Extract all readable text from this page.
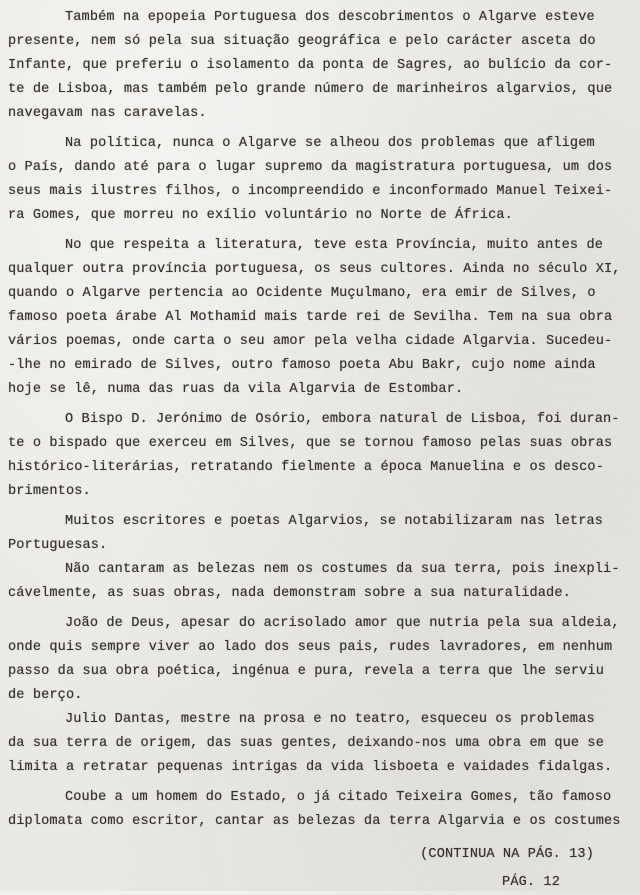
Também na epopeia Portuguesa dos descobrimentos o Algarve esteve
presente, nem só pela sua situação geográfica e pelo carácter asceta do
Infante, que preferiu o isolamento da ponta de Sagres, ao bulício da cor-
te de Lisboa, mas também pelo grande número de marinheiros algarvios, que
navegavam nas caravelas.
Na política, nunca o Algarve se alheou dos problemas que afligem
o País, dando até para o lugar supremo da magistratura portuguesa, um dos
seus mais ilustres filhos, o incompreendido e inconformado Manuel Teixei-
ra Gomes, que morreu no exílio voluntário no Norte de África.
No que respeita a literatura, teve esta Província, muito antes de
qualquer outra província portuguesa, os seus cultores. Ainda no século XI,
quando o Algarve pertencia ao Ocidente Muçulmano, era emir de Silves, o
famoso poeta árabe Al Mothamid mais tarde rei de Sevilha. Tem na sua obra
vários poemas, onde carta o seu amor pela velha cidade Algarvia. Sucedeu-
-lhe no emirado de Silves, outro famoso poeta Abu Bakr, cujo nome ainda
hoje se lê, numa das ruas da vila Algarvia de Estombar.
O Bispo D. Jerónimo de Osório, embora natural de Lisboa, foi duran-
te o bispado que exerceu em Silves, que se tornou famoso pelas suas obras
histórico-literárias, retratando fielmente a época Manuelina e os desco-
brimentos.
Muitos escritores e poetas Algarvios, se notabilizaram nas letras
Portuguesas.
Não cantaram as belezas nem os costumes da sua terra, pois inexpli-
cávelmente, as suas obras, nada demonstram sobre a sua naturalidade.
João de Deus, apesar do acrisolado amor que nutria pela sua aldeia,
onde quis sempre viver ao lado dos seus pais, rudes lavradores, em nenhum
passo da sua obra poética, ingénua e pura, revela a terra que lhe serviu
de berço.
Julio Dantas, mestre na prosa e no teatro, esqueceu os problemas
da sua terra de origem, das suas gentes, deixando-nos uma obra em que se
limita a retratar pequenas intrigas da vida lisboeta e vaidades fidalgas.
Coube a um homem do Estado, o já citado Teixeira Gomes, tão famoso
diplomata como escritor, cantar as belezas da terra Algarvia e os costumes
(CONTINUA NA PÁG. 13)
PÁG. 12
